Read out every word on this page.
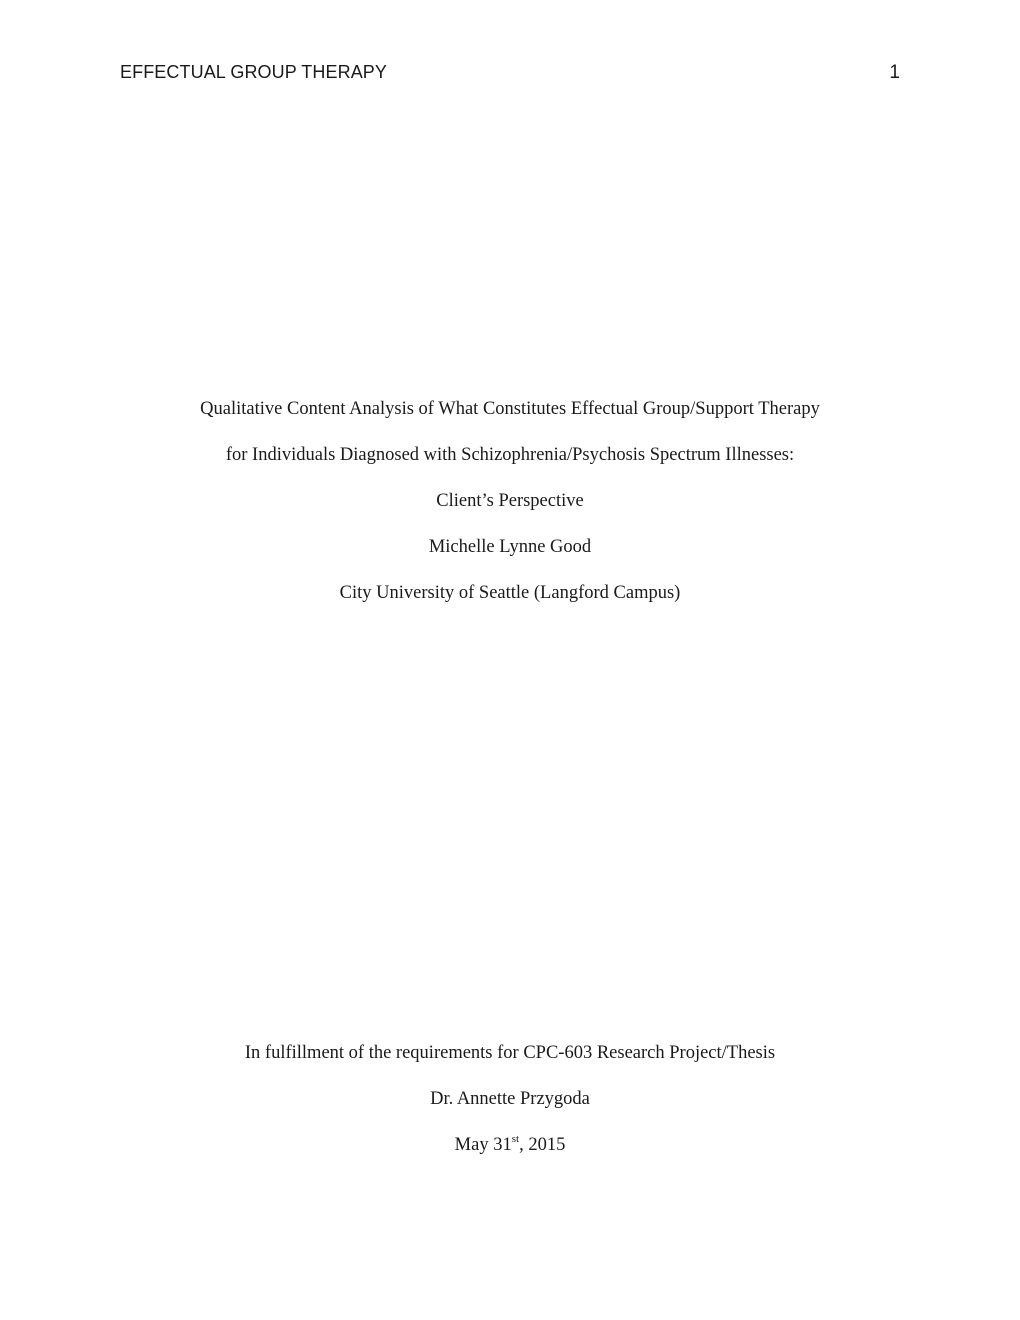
EFFECTUAL GROUP THERAPY	1
Qualitative Content Analysis of What Constitutes Effectual Group/Support Therapy
for Individuals Diagnosed with Schizophrenia/Psychosis Spectrum Illnesses:
Client’s Perspective
Michelle Lynne Good
City University of Seattle (Langford Campus)
In fulfillment of the requirements for CPC-603 Research Project/Thesis
Dr. Annette Przygoda
May 31st, 2015
